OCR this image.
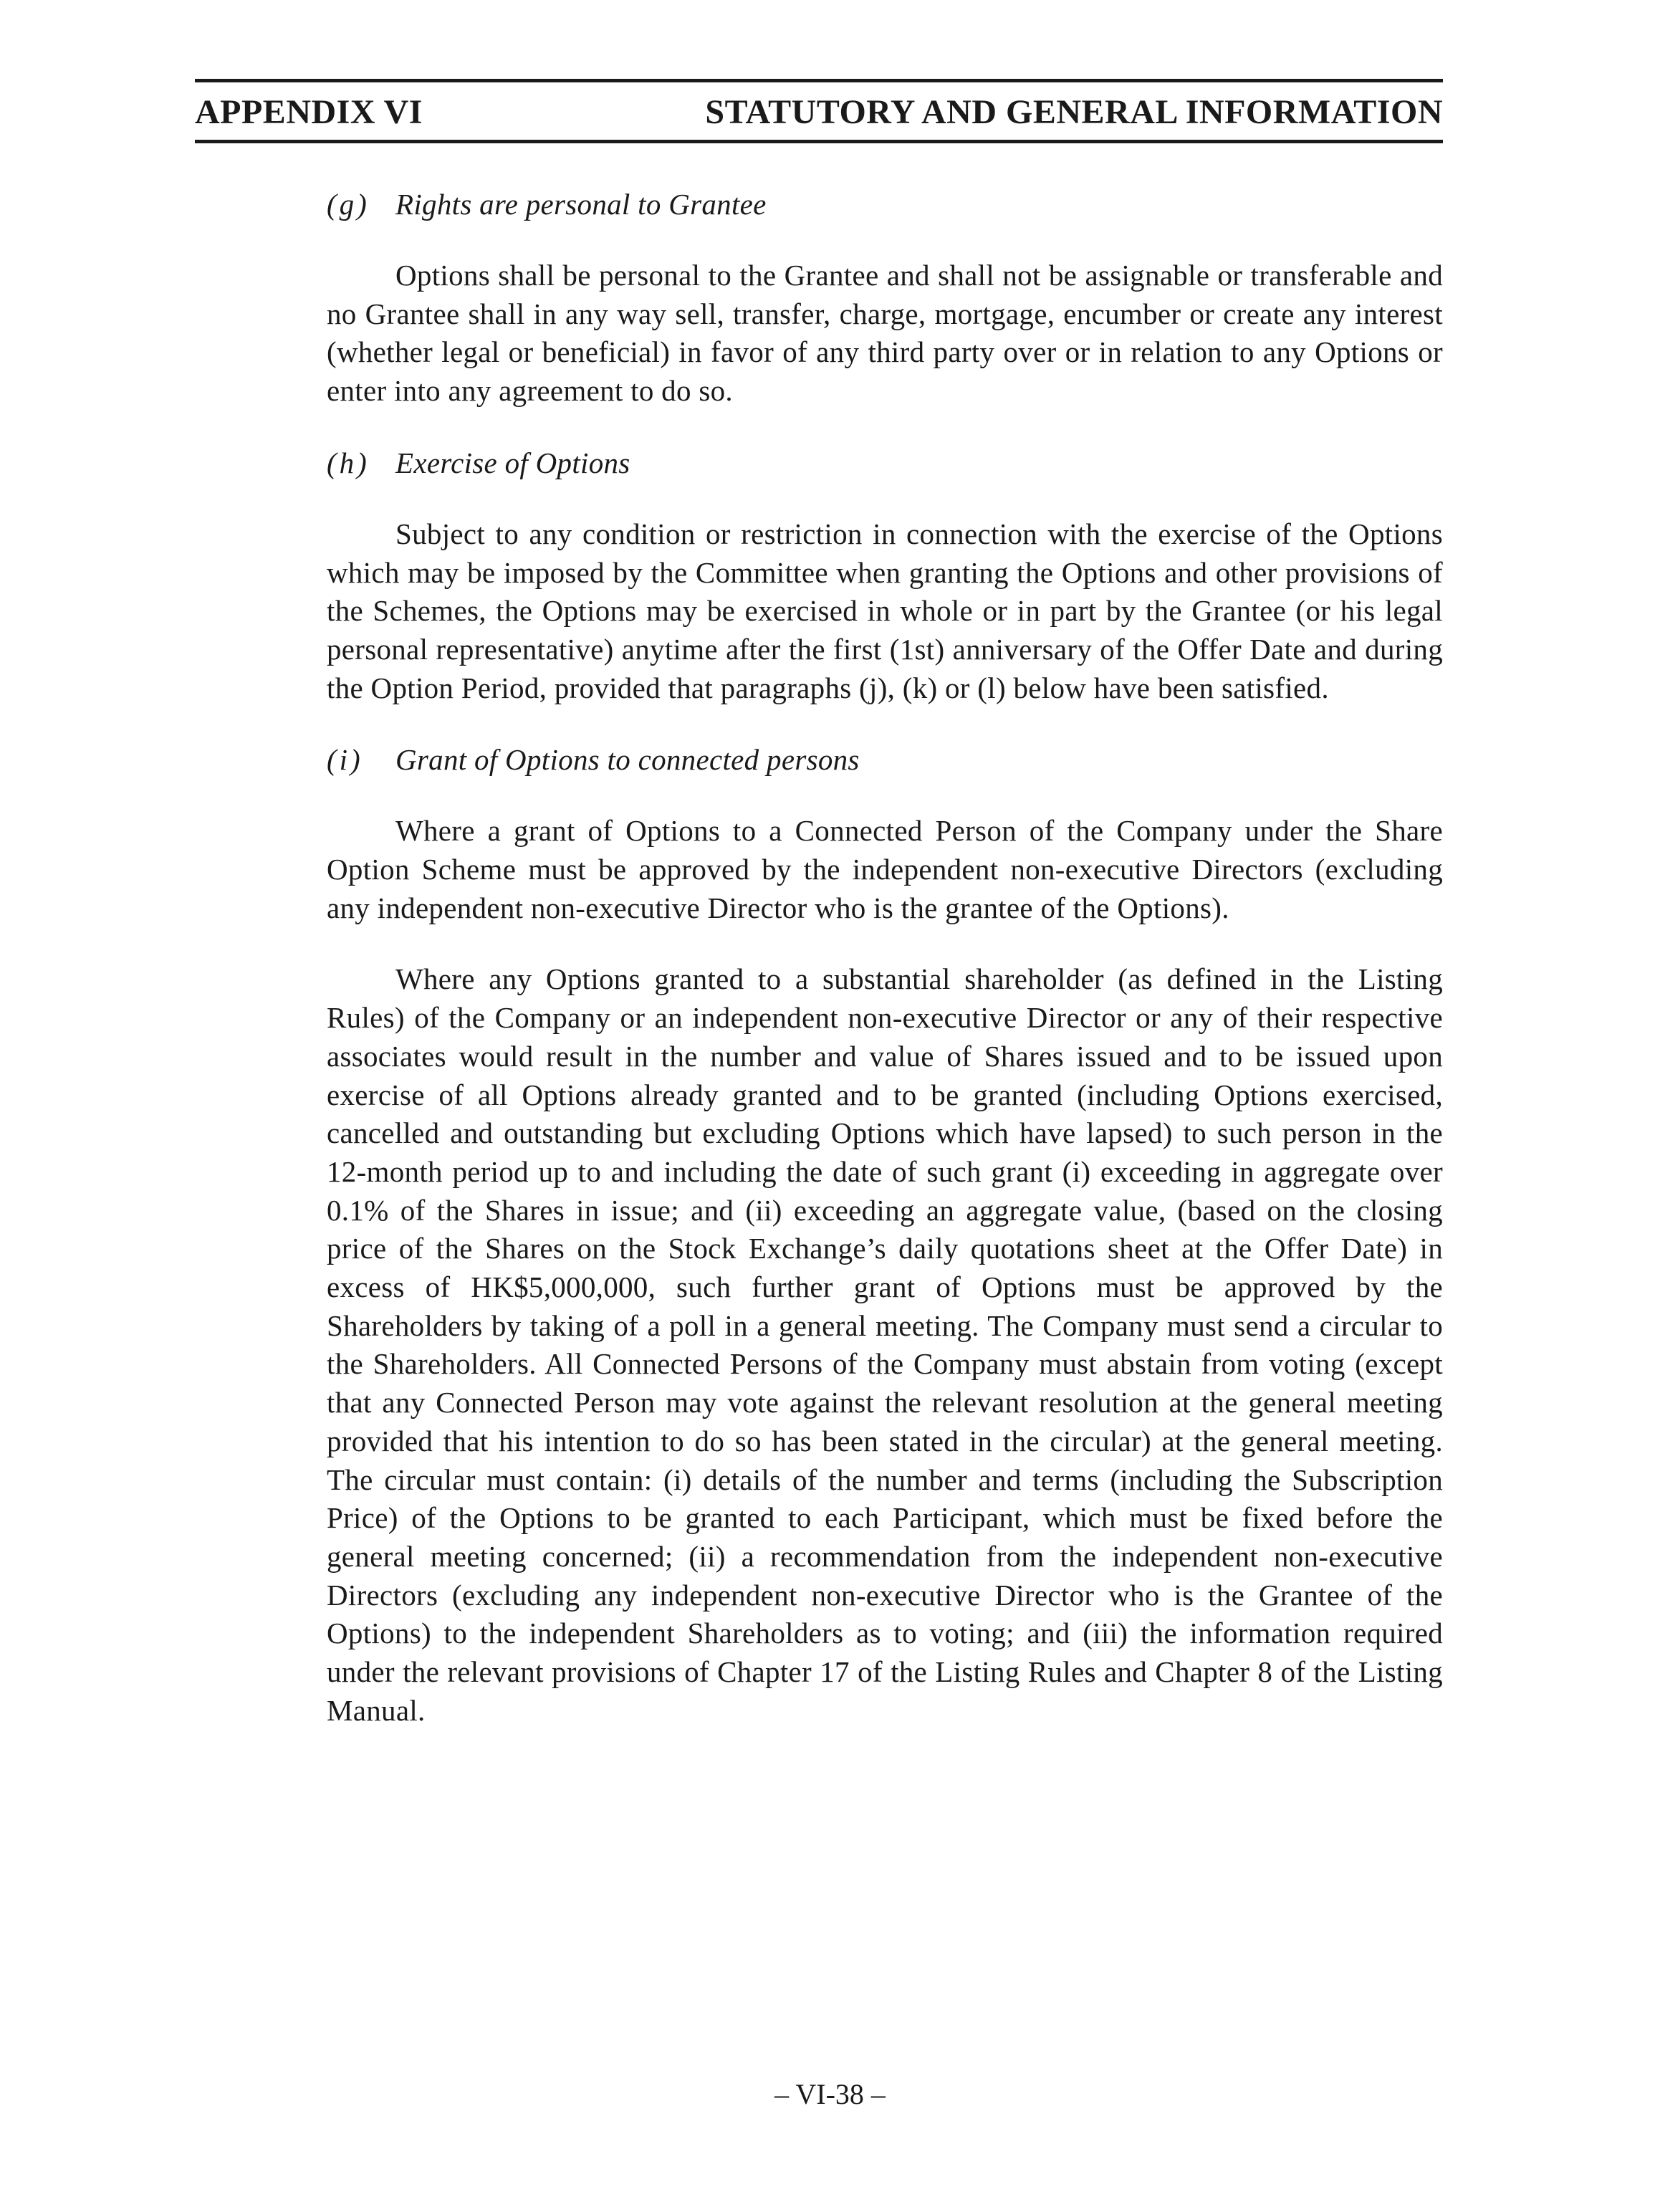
APPENDIX VI	STATUTORY AND GENERAL INFORMATION
(g) Rights are personal to Grantee

Options shall be personal to the Grantee and shall not be assignable or transferable and no Grantee shall in any way sell, transfer, charge, mortgage, encumber or create any interest (whether legal or beneficial) in favor of any third party over or in relation to any Options or enter into any agreement to do so.

(h) Exercise of Options

Subject to any condition or restriction in connection with the exercise of the Options which may be imposed by the Committee when granting the Options and other provisions of the Schemes, the Options may be exercised in whole or in part by the Grantee (or his legal personal representative) anytime after the first (1st) anniversary of the Offer Date and during the Option Period, provided that paragraphs (j), (k) or (l) below have been satisfied.

(i) Grant of Options to connected persons

Where a grant of Options to a Connected Person of the Company under the Share Option Scheme must be approved by the independent non-executive Directors (excluding any independent non-executive Director who is the grantee of the Options).

Where any Options granted to a substantial shareholder (as defined in the Listing Rules) of the Company or an independent non-executive Director or any of their respective associates would result in the number and value of Shares issued and to be issued upon exercise of all Options already granted and to be granted (including Options exercised, cancelled and outstanding but excluding Options which have lapsed) to such person in the 12-month period up to and including the date of such grant (i) exceeding in aggregate over 0.1% of the Shares in issue; and (ii) exceeding an aggregate value, (based on the closing price of the Shares on the Stock Exchange’s daily quotations sheet at the Offer Date) in excess of HK$5,000,000, such further grant of Options must be approved by the Shareholders by taking of a poll in a general meeting. The Company must send a circular to the Shareholders. All Connected Persons of the Company must abstain from voting (except that any Connected Person may vote against the relevant resolution at the general meeting provided that his intention to do so has been stated in the circular) at the general meeting. The circular must contain: (i) details of the number and terms (including the Subscription Price) of the Options to be granted to each Participant, which must be fixed before the general meeting concerned; (ii) a recommendation from the independent non-executive Directors (excluding any independent non-executive Director who is the Grantee of the Options) to the independent Shareholders as to voting; and (iii) the information required under the relevant provisions of Chapter 17 of the Listing Rules and Chapter 8 of the Listing Manual.

– VI-38 –
